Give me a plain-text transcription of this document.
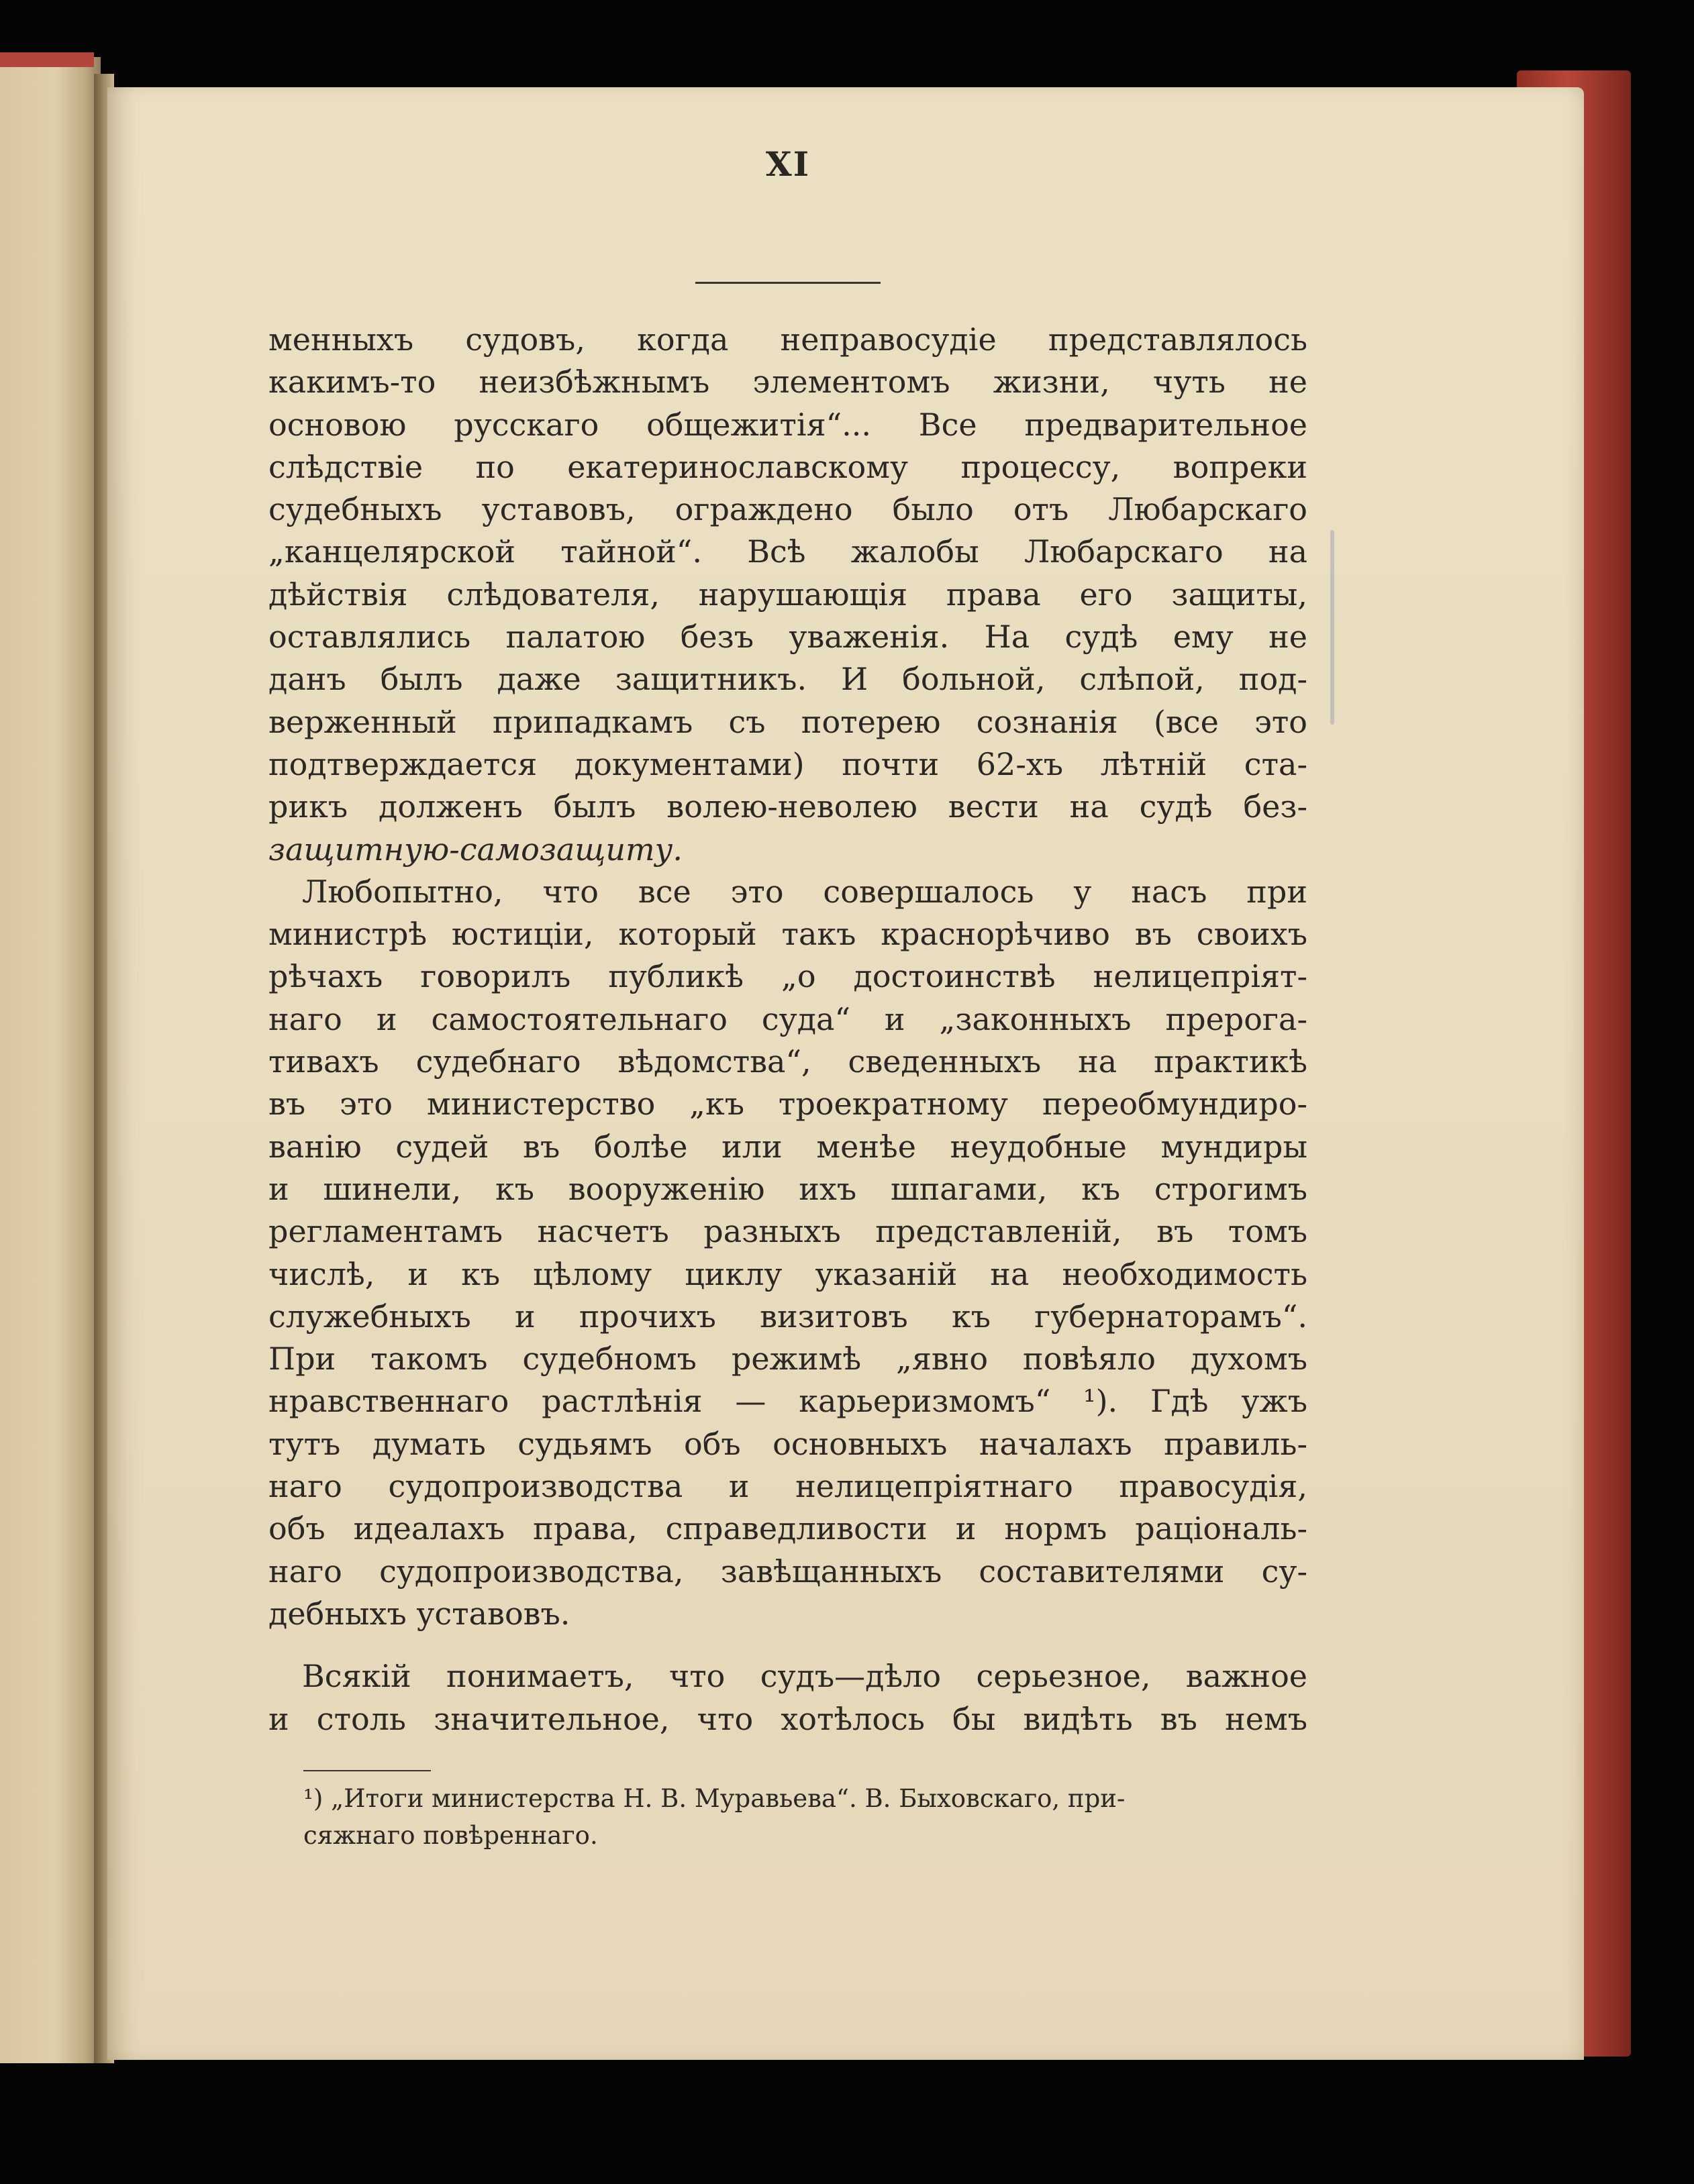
XI
менныхъ судовъ, когда неправосудiе представлялось
какимъ-то неизбѣжнымъ элементомъ жизни, чуть не
основою русскаго общежитiя“... Все предварительное
слѣдствiе по екатеринославскому процессу, вопреки
судебныхъ уставовъ, ограждено было отъ Любарскаго
„канцелярской тайной“. Всѣ жалобы Любарскаго на
дѣйствiя слѣдователя, нарушающiя права его защиты,
оставлялись палатою безъ уваженiя. На судѣ ему не
данъ былъ даже защитникъ. И больной, слѣпой, под-
верженный припадкамъ съ потерею сознанiя (все это
подтверждается документами) почти 62-хъ лѣтнiй ста-
рикъ долженъ былъ волею-неволею вести на судѣ без-
защитную-самозащиту.
Любопытно, что все это совершалось у насъ при
министрѣ юстицiи, который такъ краснорѣчиво въ своихъ
рѣчахъ говорилъ публикѣ „о достоинствѣ нелицепрiят-
наго и самостоятельнаго суда“ и „законныхъ прерога-
тивахъ судебнаго вѣдомства“, сведенныхъ на практикѣ
въ это министерство „къ троекратному переобмундиро-
ванiю судей въ болѣе или менѣе неудобные мундиры
и шинели, къ вооруженiю ихъ шпагами, къ строгимъ
регламентамъ насчетъ разныхъ представленiй, въ томъ
числѣ, и къ цѣлому циклу указанiй на необходимость
служебныхъ и прочихъ визитовъ къ губернаторамъ“.
При такомъ судебномъ режимѣ „явно повѣяло духомъ
нравственнаго растлѣнiя — карьеризмомъ“ ¹). Гдѣ ужъ
тутъ думать судьямъ объ основныхъ началахъ правиль-
наго судопроизводства и нелицепрiятнаго правосудiя,
объ идеалахъ права, справедливости и нормъ рацiональ-
наго судопроизводства, завѣщанныхъ составителями су-
дебныхъ уставовъ.
Всякiй понимаетъ, что судъ—дѣло серьезное, важное
и столь значительное, что хотѣлось бы видѣть въ немъ
¹) „Итоги министерства Н. В. Муравьева“. В. Быховскаго, при-
сяжнаго повѣреннаго.
